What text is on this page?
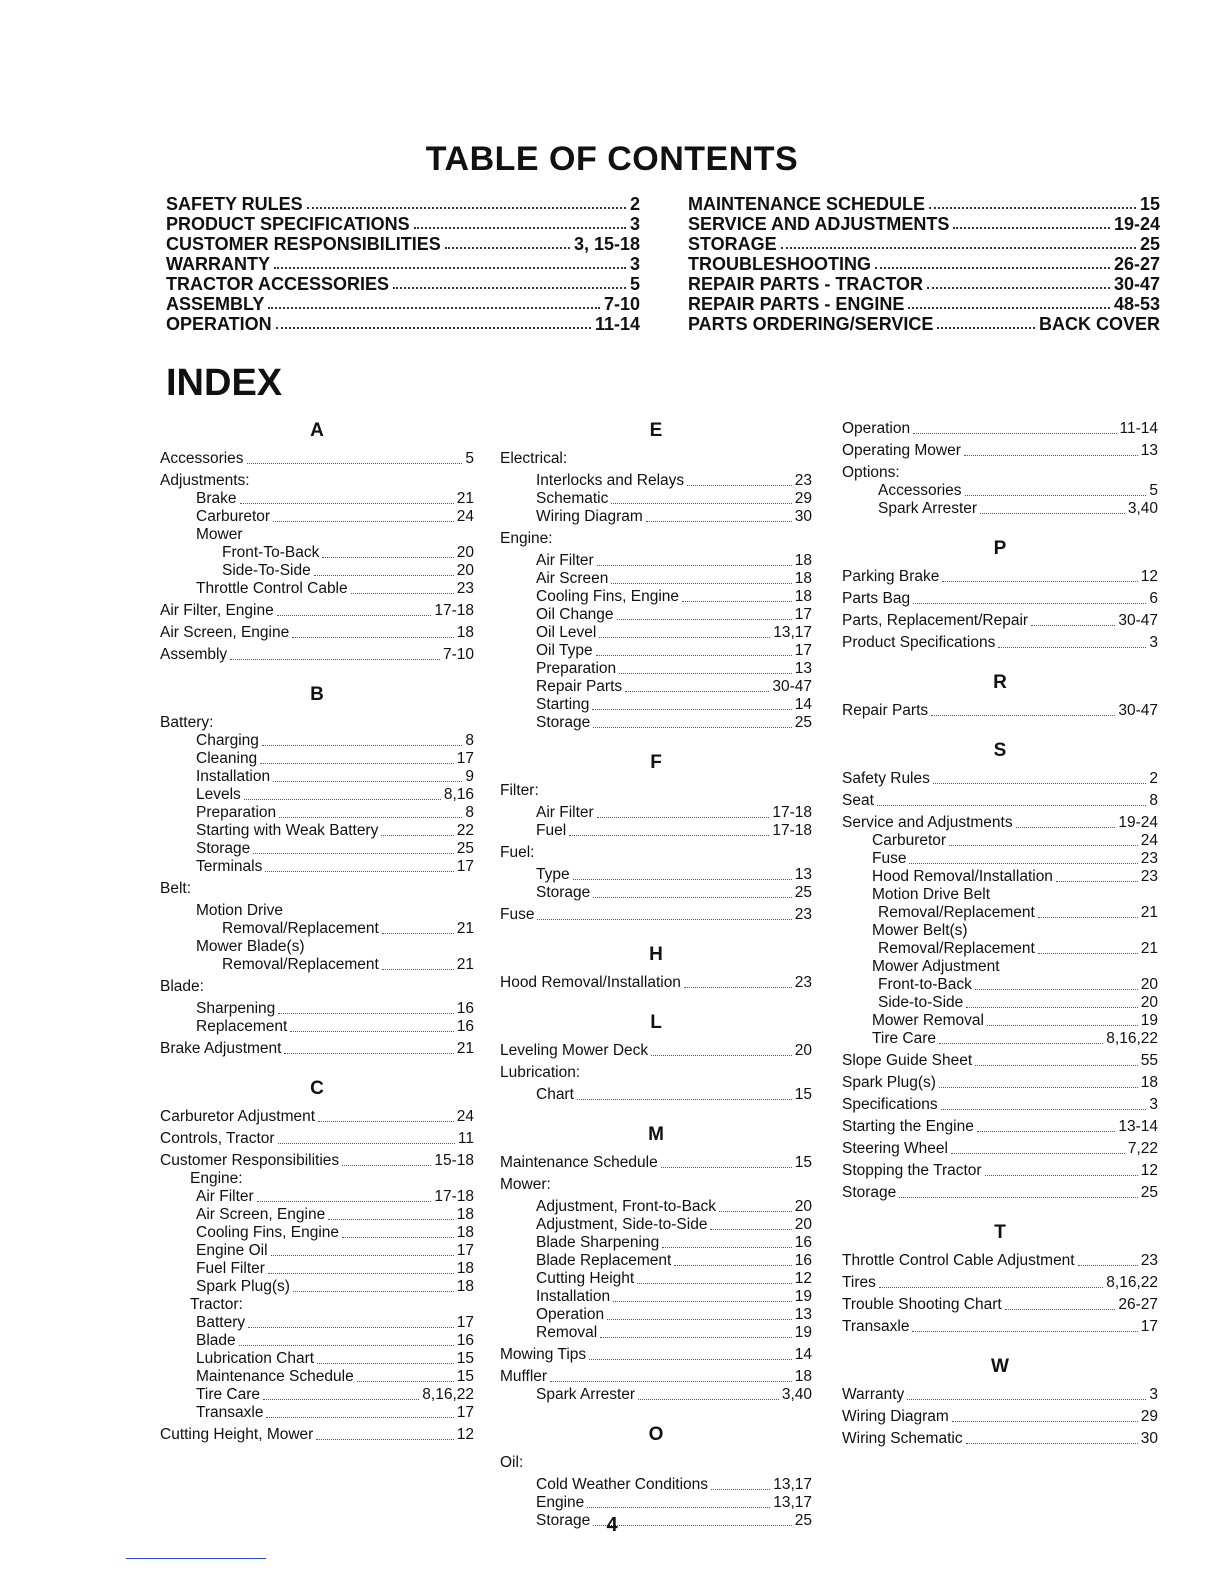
TABLE OF CONTENTS
SAFETY RULES	2
PRODUCT SPECIFICATIONS	3
CUSTOMER RESPONSIBILITIES	3, 15-18
WARRANTY	3
TRACTOR ACCESSORIES	5
ASSEMBLY	7-10
OPERATION	11-14
MAINTENANCE SCHEDULE	15
SERVICE AND ADJUSTMENTS	19-24
STORAGE	25
TROUBLESHOOTING	26-27
REPAIR PARTS - TRACTOR	30-47
REPAIR PARTS - ENGINE	48-53
PARTS ORDERING/SERVICE	BACK COVER
INDEX
A
Accessories	5
Adjustments:
Brake	21
Carburetor	24
Mower
Front-To-Back	20
Side-To-Side	20
Throttle Control Cable	23
Air Filter, Engine	17-18
Air Screen, Engine	18
Assembly	7-10
B
Battery:
Charging	8
Cleaning	17
Installation	9
Levels	8,16
Preparation	8
Starting with Weak Battery	22
Storage	25
Terminals	17
Belt:
Motion Drive
Removal/Replacement	21
Mower Blade(s)
Removal/Replacement	21
Blade:
Sharpening	16
Replacement	16
Brake Adjustment	21
C
Carburetor Adjustment	24
Controls, Tractor	11
Customer Responsibilities	15-18
Engine:
Air Filter	17-18
Air Screen, Engine	18
Cooling Fins, Engine	18
Engine Oil	17
Fuel Filter	18
Spark Plug(s)	18
Tractor:
Battery	17
Blade	16
Lubrication Chart	15
Maintenance Schedule	15
Tire Care	8,16,22
Transaxle	17
Cutting Height, Mower	12
E
Electrical:
Interlocks and Relays	23
Schematic	29
Wiring Diagram	30
Engine:
Air Filter	18
Air Screen	18
Cooling Fins, Engine	18
Oil Change	17
Oil Level	13,17
Oil Type	17
Preparation	13
Repair Parts	30-47
Starting	14
Storage	25
F
Filter:
Air Filter	17-18
Fuel	17-18
Fuel:
Type	13
Storage	25
Fuse	23
H
Hood Removal/Installation	23
L
Leveling Mower Deck	20
Lubrication:
Chart	15
M
Maintenance Schedule	15
Mower:
Adjustment, Front-to-Back	20
Adjustment, Side-to-Side	20
Blade Sharpening	16
Blade Replacement	16
Cutting Height	12
Installation	19
Operation	13
Removal	19
Mowing Tips	14
Muffler	18
Spark Arrester	3,40
O
Oil:
Cold Weather Conditions	13,17
Engine	13,17
Storage	25
Operation	11-14
Operating Mower	13
Options:
Accessories	5
Spark Arrester	3,40
P
Parking Brake	12
Parts Bag	6
Parts, Replacement/Repair	30-47
Product Specifications	3
R
Repair Parts	30-47
S
Safety Rules	2
Seat	8
Service and Adjustments	19-24
Carburetor	24
Fuse	23
Hood Removal/Installation	23
Motion Drive Belt
Removal/Replacement	21
Mower Belt(s)
Removal/Replacement	21
Mower Adjustment
Front-to-Back	20
Side-to-Side	20
Mower Removal	19
Tire Care	8,16,22
Slope Guide Sheet	55
Spark Plug(s)	18
Specifications	3
Starting the Engine	13-14
Steering Wheel	7,22
Stopping the Tractor	12
Storage	25
T
Throttle Control Cable Adjustment	23
Tires	8,16,22
Trouble Shooting Chart	26-27
Transaxle	17
W
Warranty	3
Wiring Diagram	29
Wiring Schematic	30
4
